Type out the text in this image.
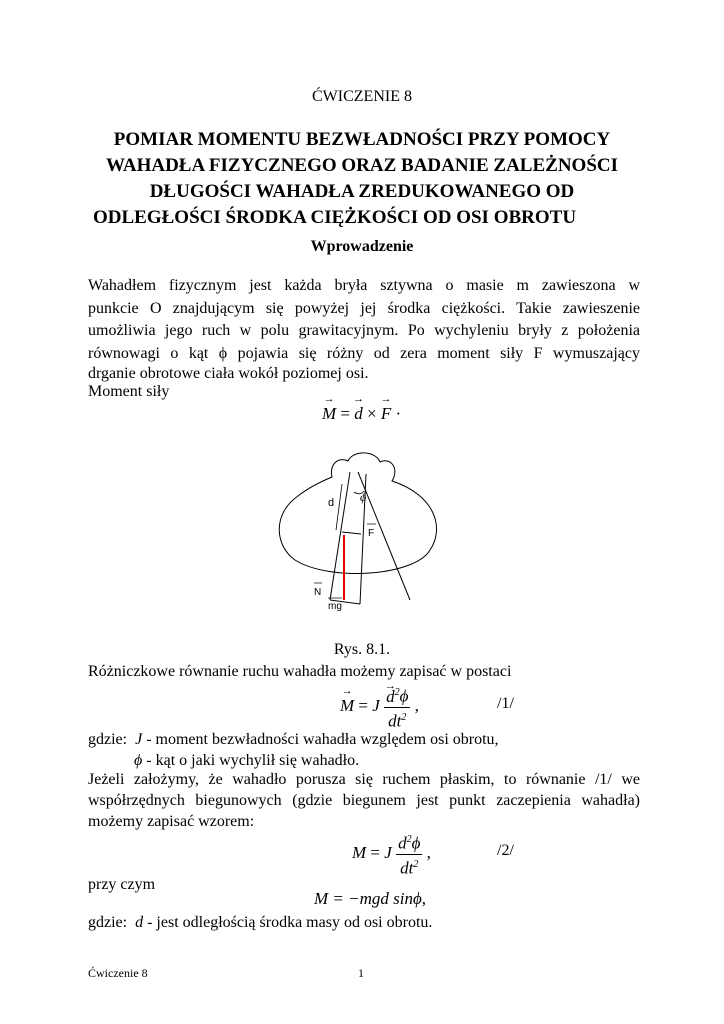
ĆWICZENIE 8
POMIAR MOMENTU BEZWŁADNOŚCI PRZY POMOCY
WAHADŁA FIZYCZNEGO ORAZ BADANIE ZALEŻNOŚCI
DŁUGOŚCI WAHADŁA ZREDUKOWANEGO OD
ODLEGŁOŚCI ŚRODKA CIĘŻKOŚCI OD OSI OBROTU
Wprowadzenie
Wahadłem fizycznym jest każda bryła sztywna o masie m zawieszona w
punkcie O znajdującym się powyżej jej środka ciężkości. Takie zawieszenie
umożliwia jego ruch w polu grawitacyjnym. Po wychyleniu bryły z położenia
równowagi o kąt ϕ pojawia się różny od zera moment siły F wymuszający
drganie obrotowe ciała wokół poziomej osi.
Moment siły
→ M = → d × → F ·
d ϕ
F
N
mg
Rys. 8.1.
Różniczkowe równanie ruchu wahadła możemy zapisać w postaci
→ $M = J \to \frac{d^2\phi}{dt^2}$ ,	/1/
gdzie: J - moment bezwładności wahadła względem osi obrotu,
ϕ - kąt o jaki wychylił się wahadło.
Jeżeli założymy, że wahadło porusza się ruchem płaskim, to równanie /1/ we
współrzędnych biegunowych (gdzie biegunem jest punkt zaczepienia wahadła)
możemy zapisać wzorem:
M = J $\frac{d^2\phi}{dt^2}$ ,	/2/
przy czym
M = −mgd sinϕ,
gdzie: d - jest odległością środka masy od osi obrotu.
Ćwiczenie 8	1
